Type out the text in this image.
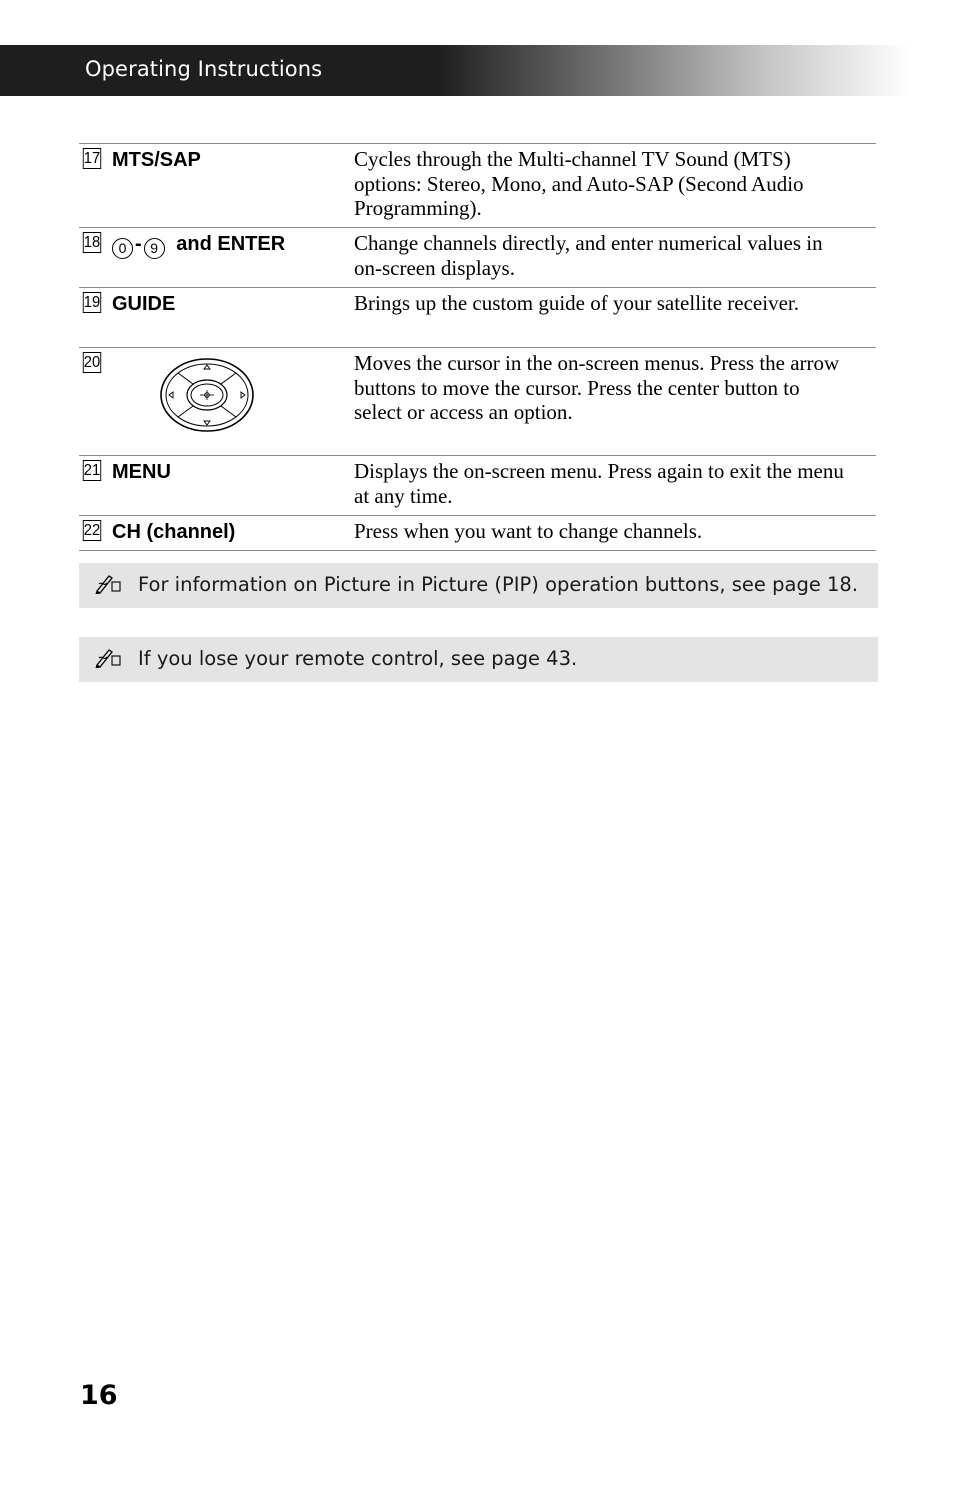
Operating Instructions
17 MTS/SAP	Cycles through the Multi-channel TV Sound (MTS) options: Stereo, Mono, and Auto-SAP (Second Audio Programming).
18	0 - 9 and ENTER	Change channels directly, and enter numerical values in on-screen displays.
19 GUIDE	Brings up the custom guide of your satellite receiver.
20	Moves the cursor in the on-screen menus. Press the arrow buttons to move the cursor. Press the center button to select or access an option.
21 MENU	Displays the on-screen menu. Press again to exit the menu at any time.
22 CH (channel)	Press when you want to change channels.
For information on Picture in Picture (PIP) operation buttons, see page 18.
If you lose your remote control, see page 43.
16
